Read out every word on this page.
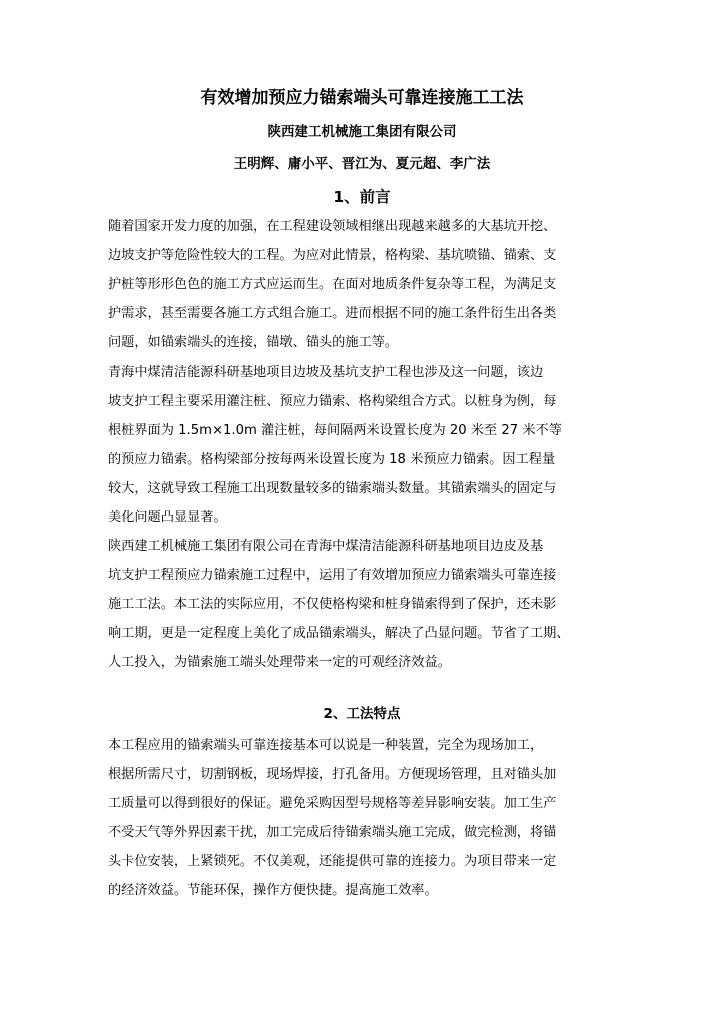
有效增加预应力锚索端头可靠连接施工工法
陕西建工机械施工集团有限公司
王明辉、庸小平、晋江为、夏元超、李广法
1、前言

随着国家开发力度的加强，在工程建设领域相继出现越来越多的大基坑开挖、
边坡支护等危险性较大的工程。为应对此情景，格构梁、基坑喷锚、锚索、支
护桩等形形色色的施工方式应运而生。在面对地质条件复杂等工程，为满足支
护需求，甚至需要各施工方式组合施工。进而根据不同的施工条件衍生出各类
问题，如锚索端头的连接，锚墩、锚头的施工等。

青海中煤清洁能源科研基地项目边坡及基坑支护工程也涉及这一问题，该边
坡支护工程主要采用灌注桩、预应力锚索、格构梁组合方式。以桩身为例，每
根桩界面为 1.5m×1.0m 灌注桩，每间隔两米设置长度为 20 米至 27 米不等
的预应力锚索。格构梁部分按每两米设置长度为 18 米预应力锚索。因工程量
较大，这就导致工程施工出现数量较多的锚索端头数量。其锚索端头的固定与
美化问题凸显显著。

陕西建工机械施工集团有限公司在青海中煤清洁能源科研基地项目边皮及基
坑支护工程预应力锚索施工过程中，运用了有效增加预应力锚索端头可靠连接
施工工法。本工法的实际应用，不仅使格构梁和桩身锚索得到了保护，还未影
响工期，更是一定程度上美化了成品锚索端头，解决了凸显问题。节省了工期、
人工投入，为锚索施工端头处理带来一定的可观经济效益。

2、工法特点

本工程应用的锚索端头可靠连接基本可以说是一种装置，完全为现场加工，
根据所需尺寸，切割钢板，现场焊接，打孔备用。方便现场管理，且对锚头加
工质量可以得到很好的保证。避免采购因型号规格等差异影响安装。加工生产
不受天气等外界因素干扰，加工完成后待锚索端头施工完成，做完检测，将锚
头卡位安装，上紧锁死。不仅美观，还能提供可靠的连接力。为项目带来一定
的经济效益。节能环保，操作方便快捷。提高施工效率。
